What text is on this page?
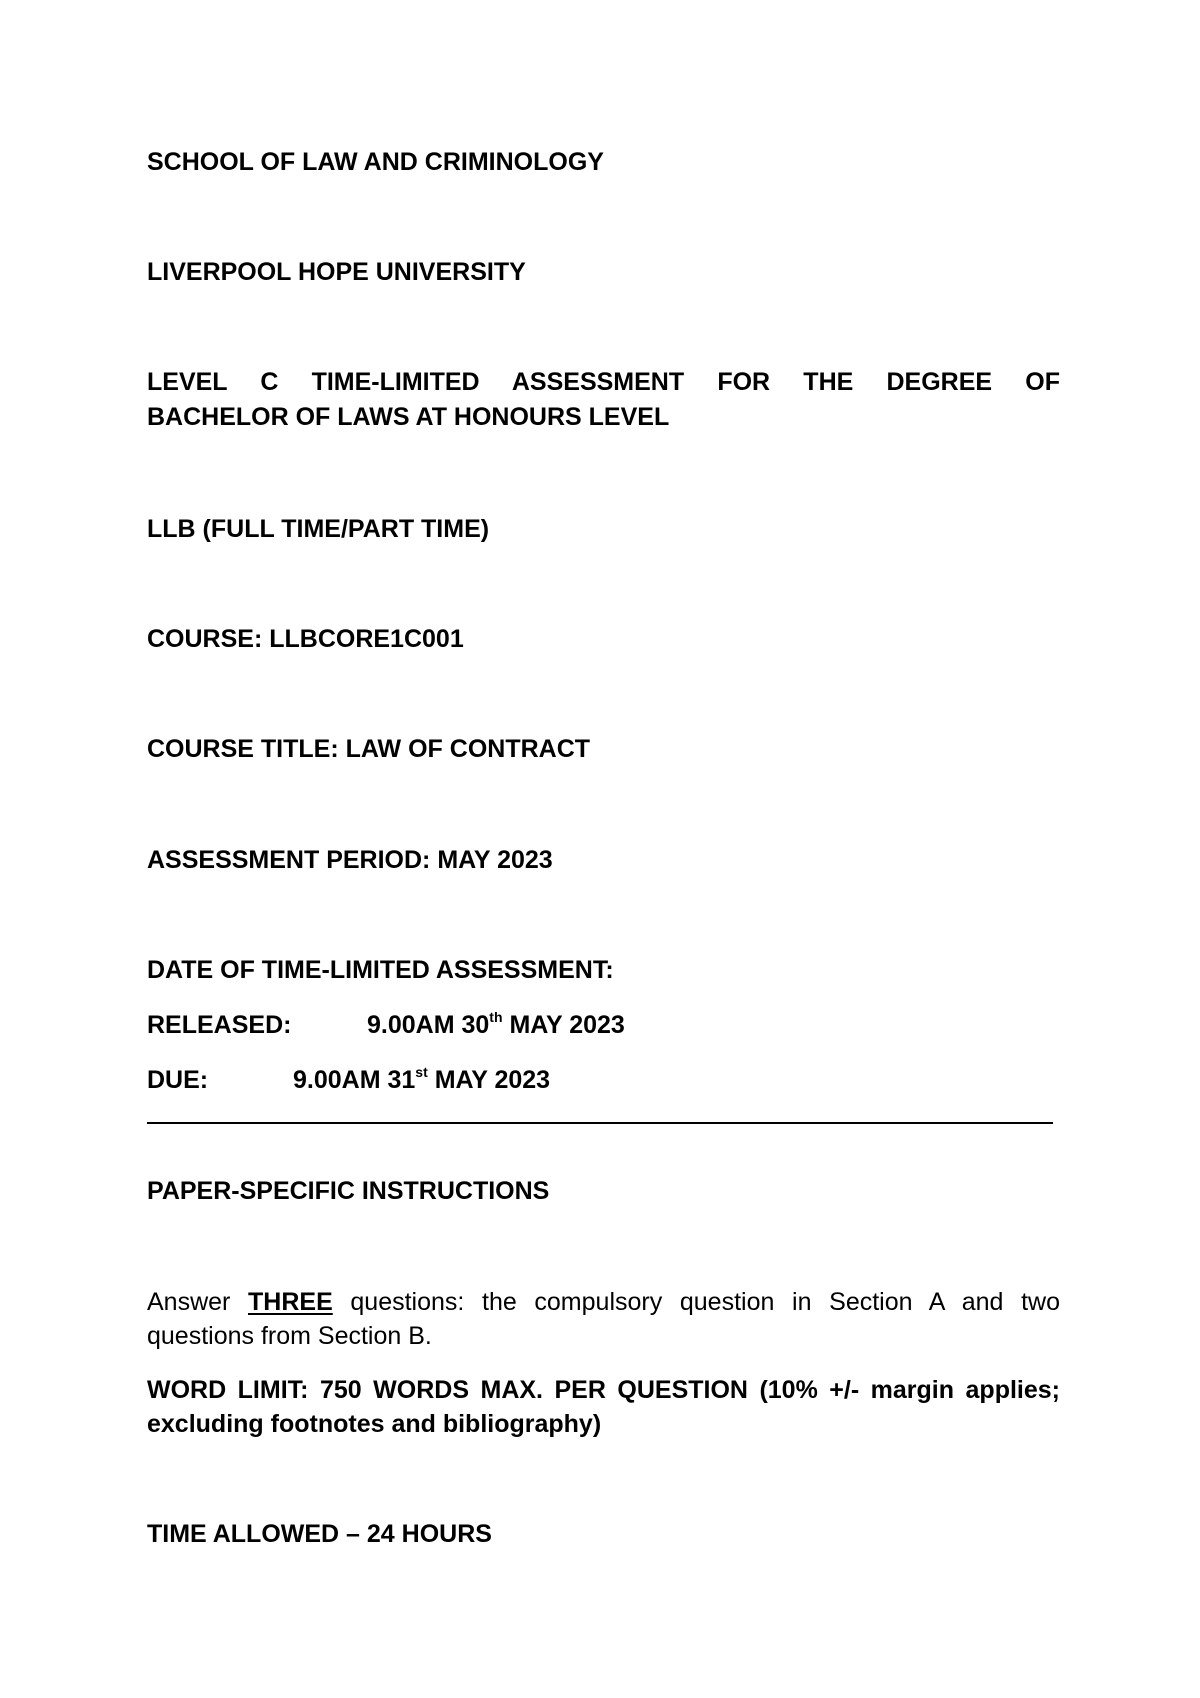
SCHOOL OF LAW AND CRIMINOLOGY

LIVERPOOL HOPE UNIVERSITY

LEVEL C TIME-LIMITED ASSESSMENT FOR THE DEGREE OF

BACHELOR OF LAWS AT HONOURS LEVEL

LLB (FULL TIME/PART TIME)

COURSE: LLBCORE1C001

COURSE TITLE: LAW OF CONTRACT

ASSESSMENT PERIOD: MAY 2023

DATE OF TIME-LIMITED ASSESSMENT:

RELEASED:	9.00AM 30th MAY 2023

DUE:	9.00AM 31st MAY 2023

PAPER-SPECIFIC INSTRUCTIONS

Answer THREE questions: the compulsory question in Section A and two questions from Section B.

WORD LIMIT: 750 WORDS MAX. PER QUESTION (10% +/- margin applies; excluding footnotes and bibliography)

TIME ALLOWED – 24 HOURS
